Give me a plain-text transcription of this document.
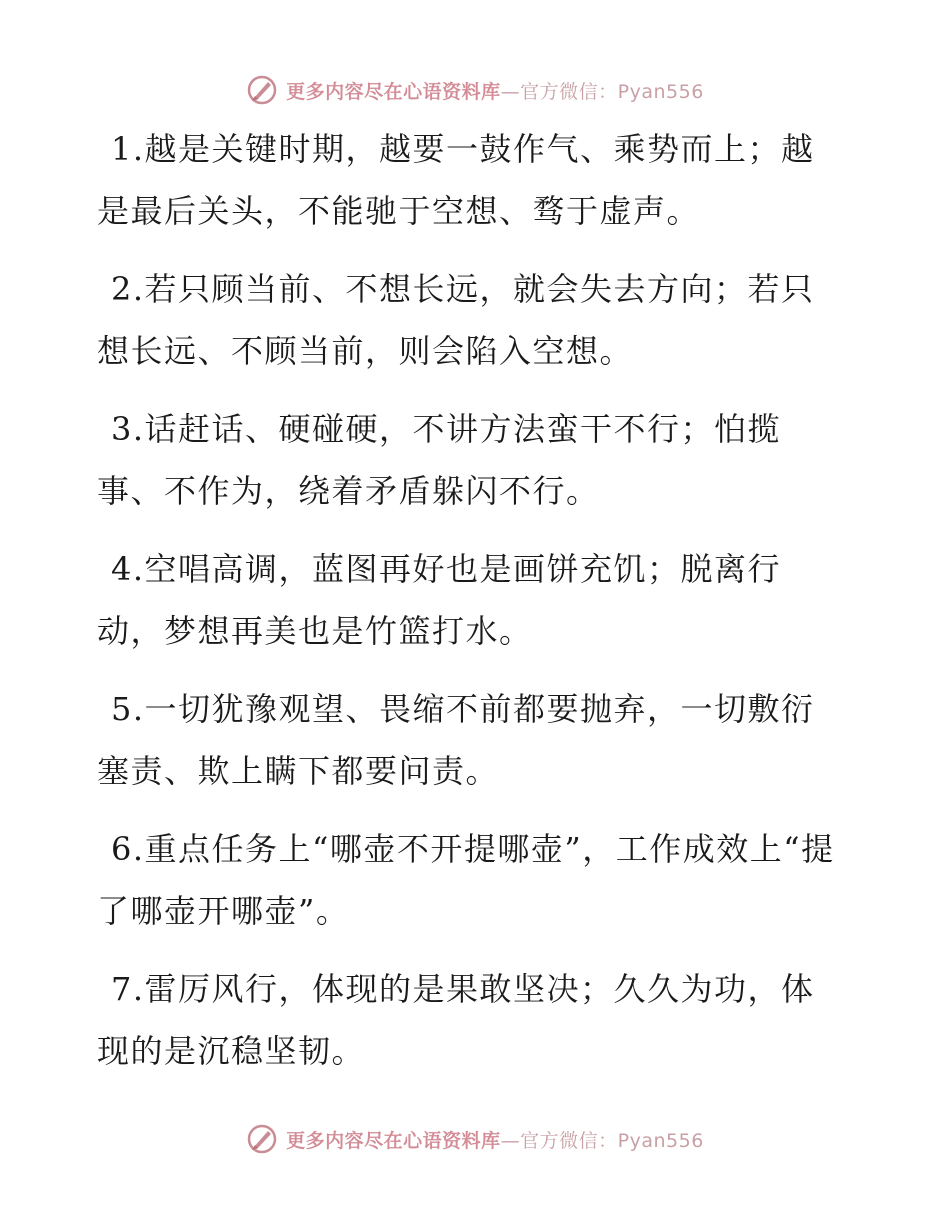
更多内容尽在心语资料库—官方微信：Pyan556

1.越是关键时期，越要一鼓作气、乘势而上；越是最后关头，不能驰于空想、骛于虚声。

2.若只顾当前、不想长远，就会失去方向；若只想长远、不顾当前，则会陷入空想。

3.话赶话、硬碰硬，不讲方法蛮干不行；怕揽事、不作为，绕着矛盾躲闪不行。

4.空唱高调，蓝图再好也是画饼充饥；脱离行动，梦想再美也是竹篮打水。

5.一切犹豫观望、畏缩不前都要抛弃，一切敷衍塞责、欺上瞒下都要问责。

6.重点任务上“哪壶不开提哪壶”，工作成效上“提了哪壶开哪壶”。

7.雷厉风行，体现的是果敢坚决；久久为功，体现的是沉稳坚韧。

更多内容尽在心语资料库—官方微信：Pyan556
